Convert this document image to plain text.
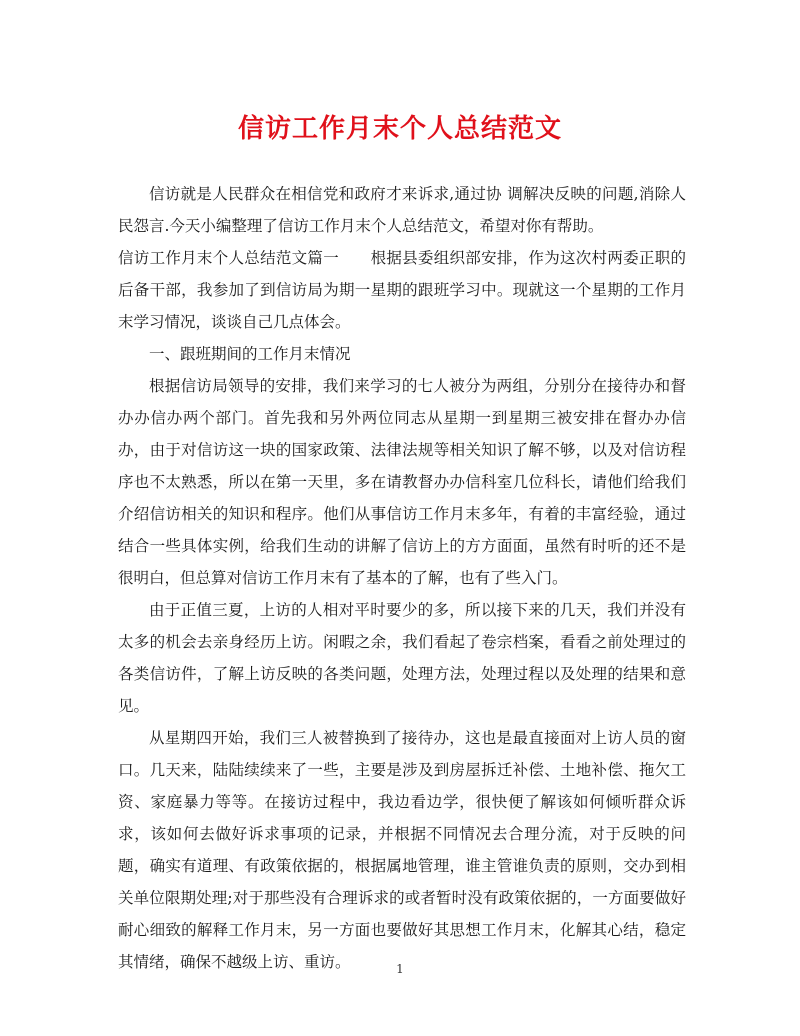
信访工作月末个人总结范文

信访就是人民群众在相信党和政府才来诉求,通过协 调解决反映的问题,消除人民怨言.今天小编整理了信访工作月末个人总结范文，希望对你有帮助。

信访工作月末个人总结范文篇一　　根据县委组织部安排，作为这次村两委正职的后备干部，我参加了到信访局为期一星期的跟班学习中。现就这一个星期的工作月末学习情况，谈谈自己几点体会。

一、跟班期间的工作月末情况

根据信访局领导的安排，我们来学习的七人被分为两组，分别分在接待办和督办办信办两个部门。首先我和另外两位同志从星期一到星期三被安排在督办办信办，由于对信访这一块的国家政策、法律法规等相关知识了解不够，以及对信访程序也不太熟悉，所以在第一天里，多在请教督办办信科室几位科长，请他们给我们介绍信访相关的知识和程序。他们从事信访工作月末多年，有着的丰富经验，通过结合一些具体实例，给我们生动的讲解了信访上的方方面面，虽然有时听的还不是很明白，但总算对信访工作月末有了基本的了解，也有了些入门。

由于正值三夏，上访的人相对平时要少的多，所以接下来的几天，我们并没有太多的机会去亲身经历上访。闲暇之余，我们看起了卷宗档案，看看之前处理过的各类信访件，了解上访反映的各类问题，处理方法，处理过程以及处理的结果和意见。

从星期四开始，我们三人被替换到了接待办，这也是最直接面对上访人员的窗口。几天来，陆陆续续来了一些，主要是涉及到房屋拆迁补偿、土地补偿、拖欠工资、家庭暴力等等。在接访过程中，我边看边学，很快便了解该如何倾听群众诉求，该如何去做好诉求事项的记录，并根据不同情况去合理分流，对于反映的问题，确实有道理、有政策依据的，根据属地管理，谁主管谁负责的原则，交办到相关单位限期处理;对于那些没有合理诉求的或者暂时没有政策依据的，一方面要做好耐心细致的解释工作月末，另一方面也要做好其思想工作月末，化解其心结，稳定其情绪，确保不越级上访、重访。	1
